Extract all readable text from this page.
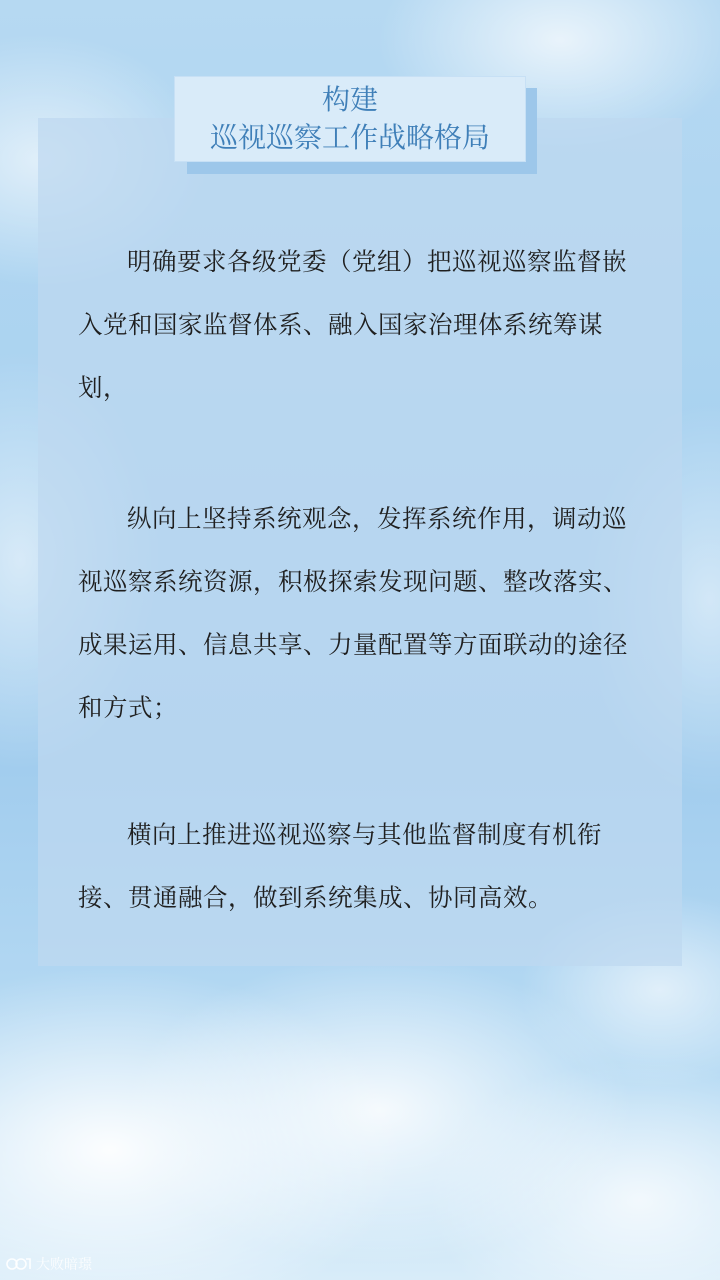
构建
巡视巡察工作战略格局

明确要求各级党委（党组）把巡视巡察监督嵌入党和国家监督体系、融入国家治理体系统筹谋划，

纵向上坚持系统观念，发挥系统作用，调动巡视巡察系统资源，积极探索发现问题、整改落实、成果运用、信息共享、力量配置等方面联动的途径和方式；

横向上推进巡视巡察与其他监督制度有机衔接、贯通融合，做到系统集成、协同高效。

大败暗璟
